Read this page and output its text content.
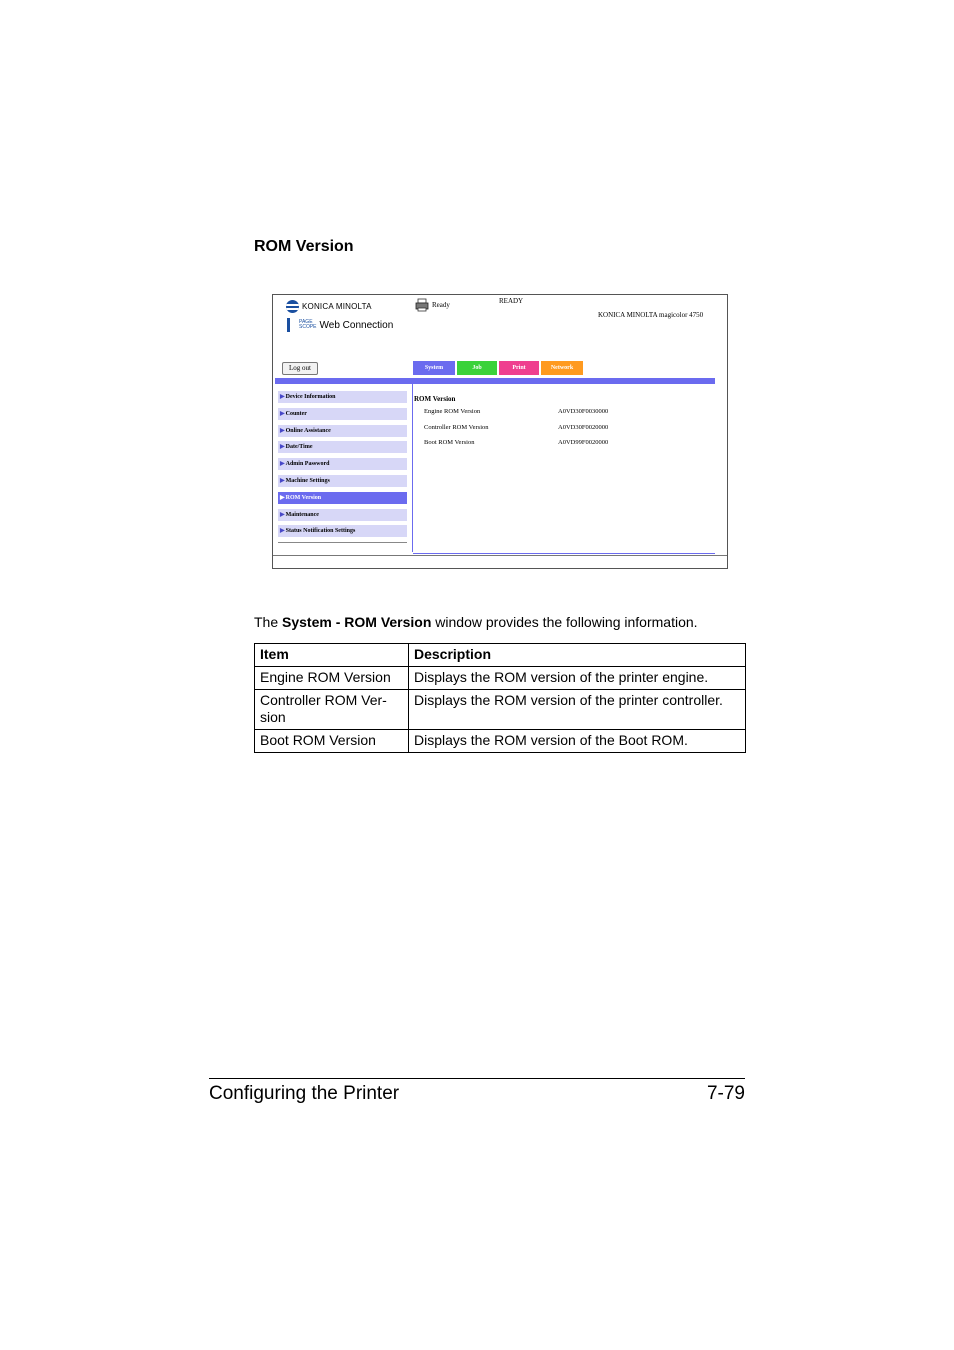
ROM Version
KONICA MINOLTA
PAGE
SCOPE Web Connection
Ready	READY
KONICA MINOLTA magicolor 4750
Log out	System	Job	Print	Network
▶Device Information
▶Counter
▶Online Assistance
▶Date/Time
▶Admin Password
▶Machine Settings
▶ROM Version
▶Maintenance
▶Status Notification Settings
ROM Version
Engine ROM Version	A0VD30F0030000
Controller ROM Version	A0VD30F0020000
Boot ROM Version	A0VD99F0020000
The System - ROM Version window provides the following information.
Item	Description
Engine ROM Version	Displays the ROM version of the printer engine.
Controller ROM Ver-
sion	Displays the ROM version of the printer controller.
Boot ROM Version	Displays the ROM version of the Boot ROM.
Configuring the Printer	7-79
